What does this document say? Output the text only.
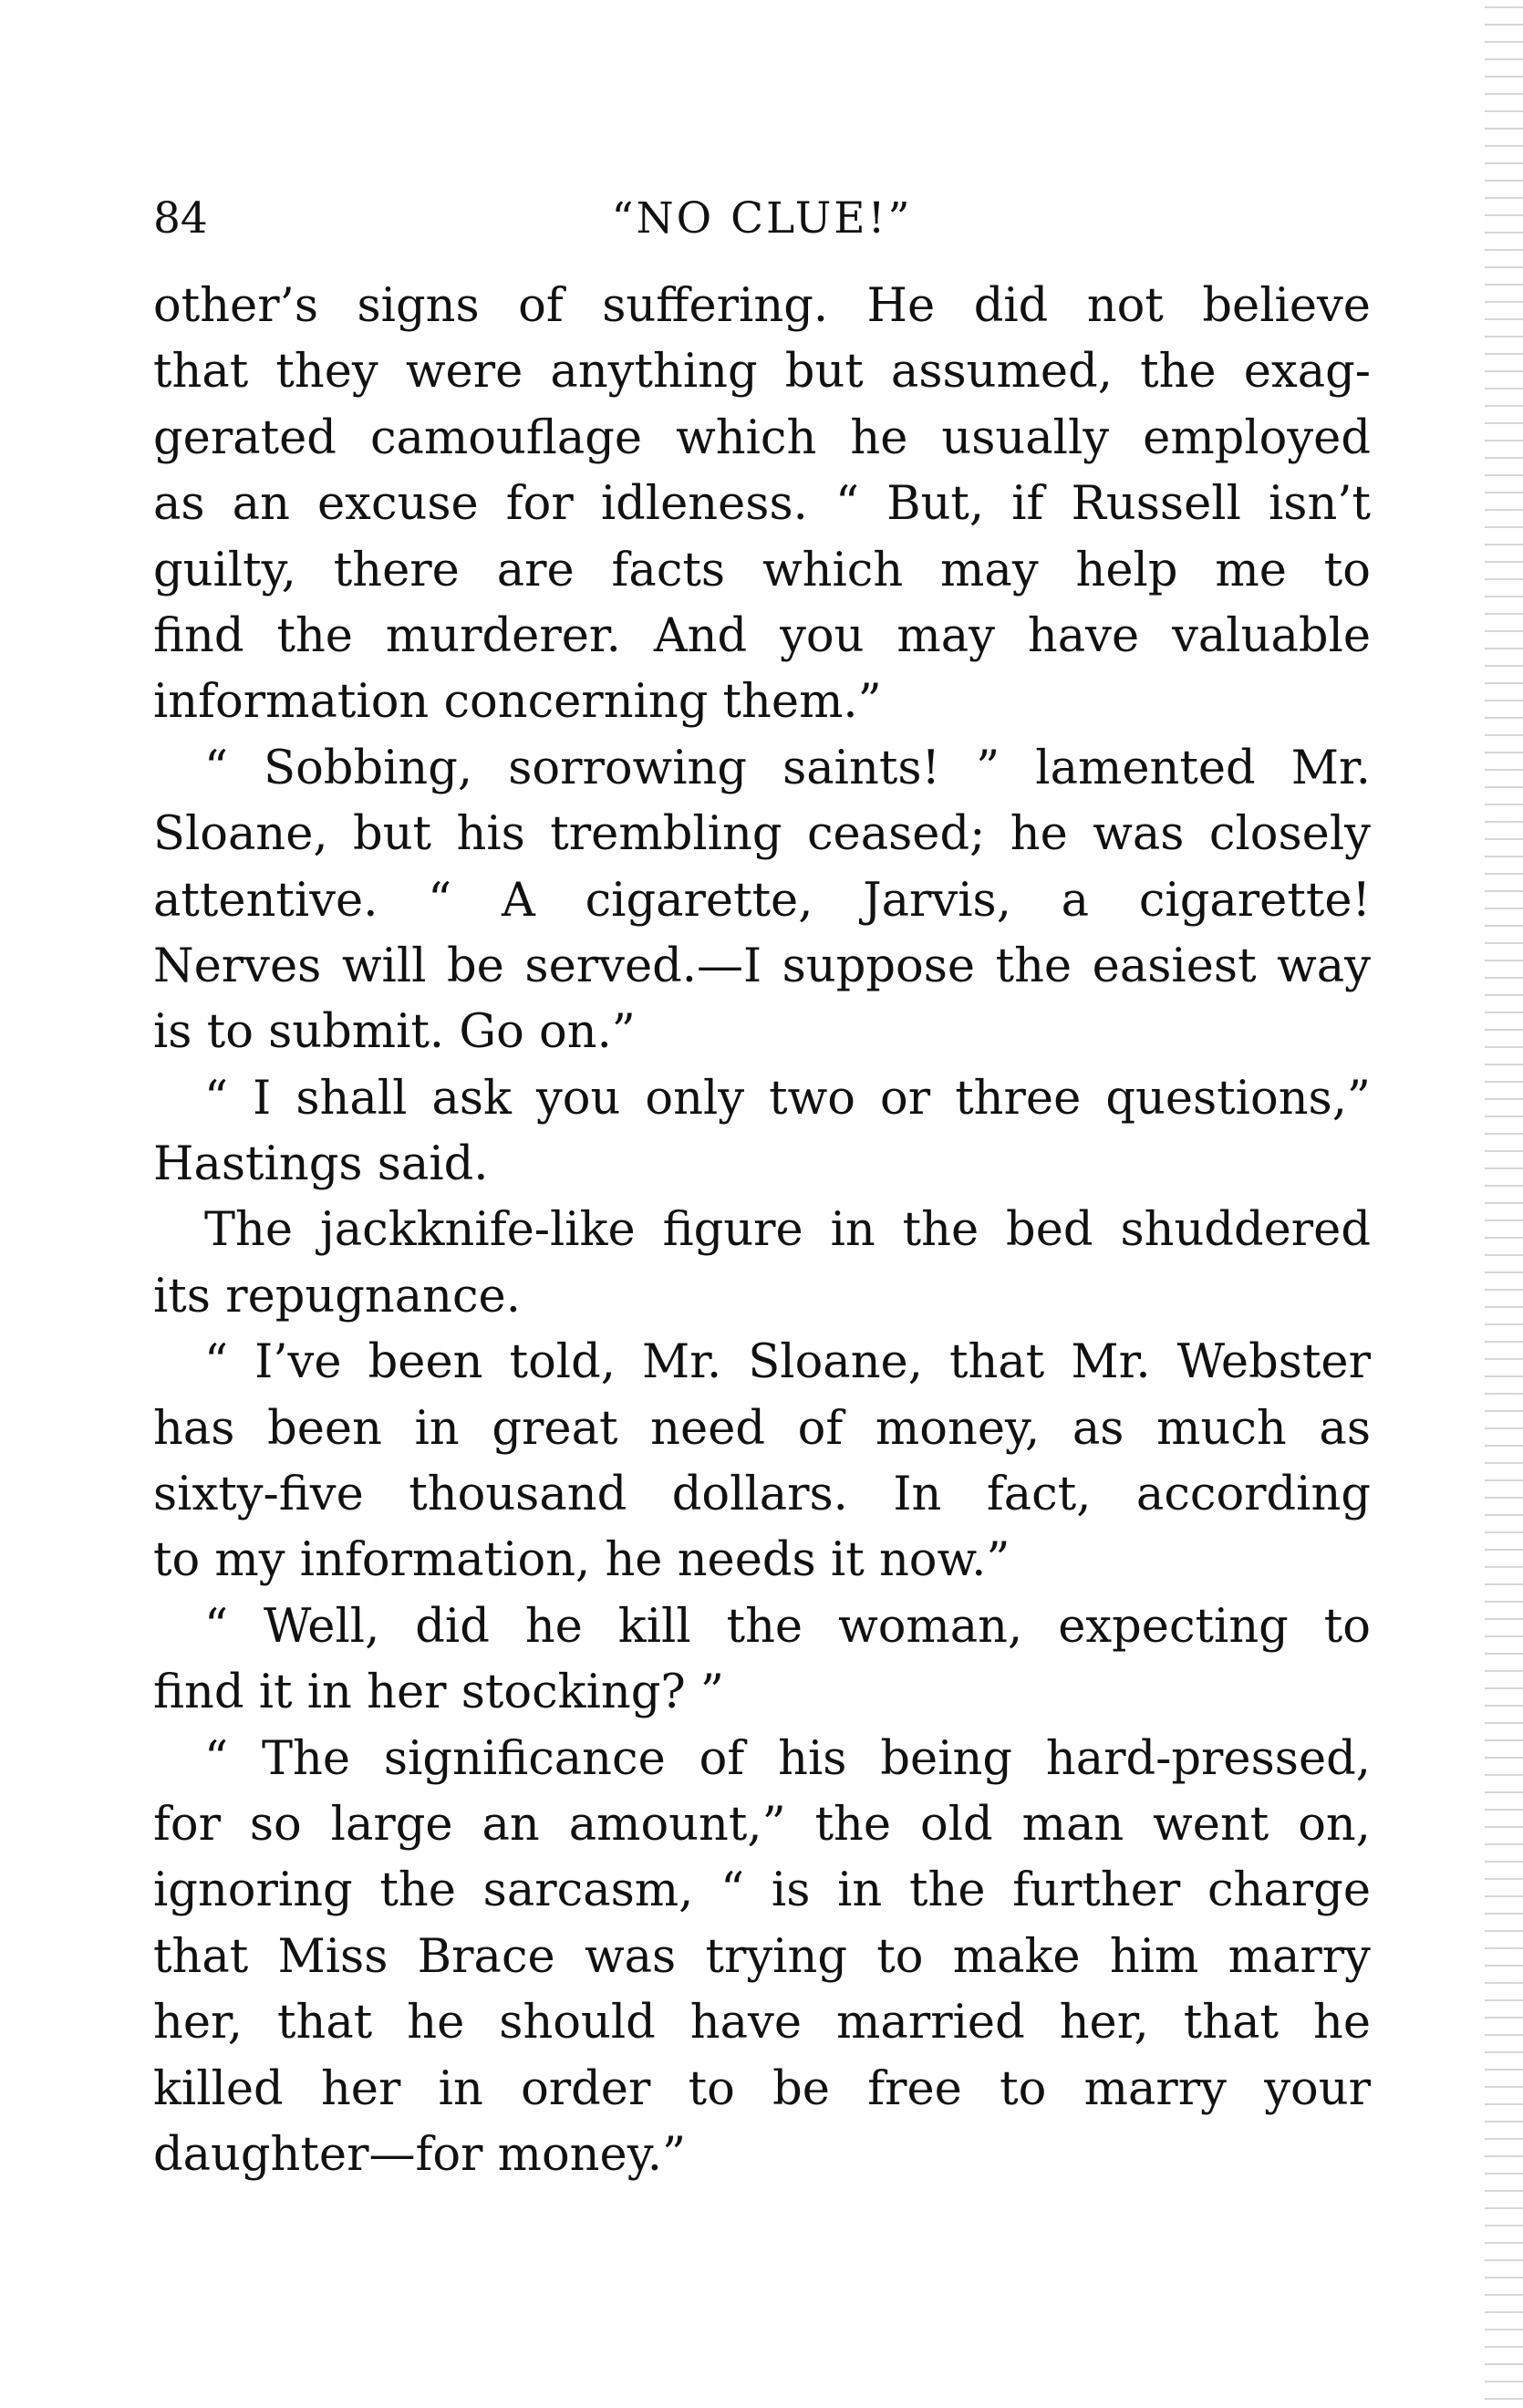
84	“NO CLUE!”
other’s signs of suffering. He did not believe
that they were anything but assumed, the exag-
gerated camouflage which he usually employed
as an excuse for idleness. “ But, if Russell isn’t
guilty, there are facts which may help me to
find the murderer. And you may have valuable
information concerning them.”
“ Sobbing, sorrowing saints! ” lamented Mr.
Sloane, but his trembling ceased; he was closely
attentive. “ A cigarette, Jarvis, a cigarette!
Nerves will be served.—I suppose the easiest way
is to submit. Go on.”
“ I shall ask you only two or three questions,”
Hastings said.
The jackknife-like figure in the bed shuddered
its repugnance.
“ I’ve been told, Mr. Sloane, that Mr. Webster
has been in great need of money, as much as
sixty-five thousand dollars. In fact, according
to my information, he needs it now.”
“ Well, did he kill the woman, expecting to
find it in her stocking? ”
“ The significance of his being hard-pressed,
for so large an amount,” the old man went on,
ignoring the sarcasm, “ is in the further charge
that Miss Brace was trying to make him marry
her, that he should have married her, that he
killed her in order to be free to marry your
daughter—for money.”
